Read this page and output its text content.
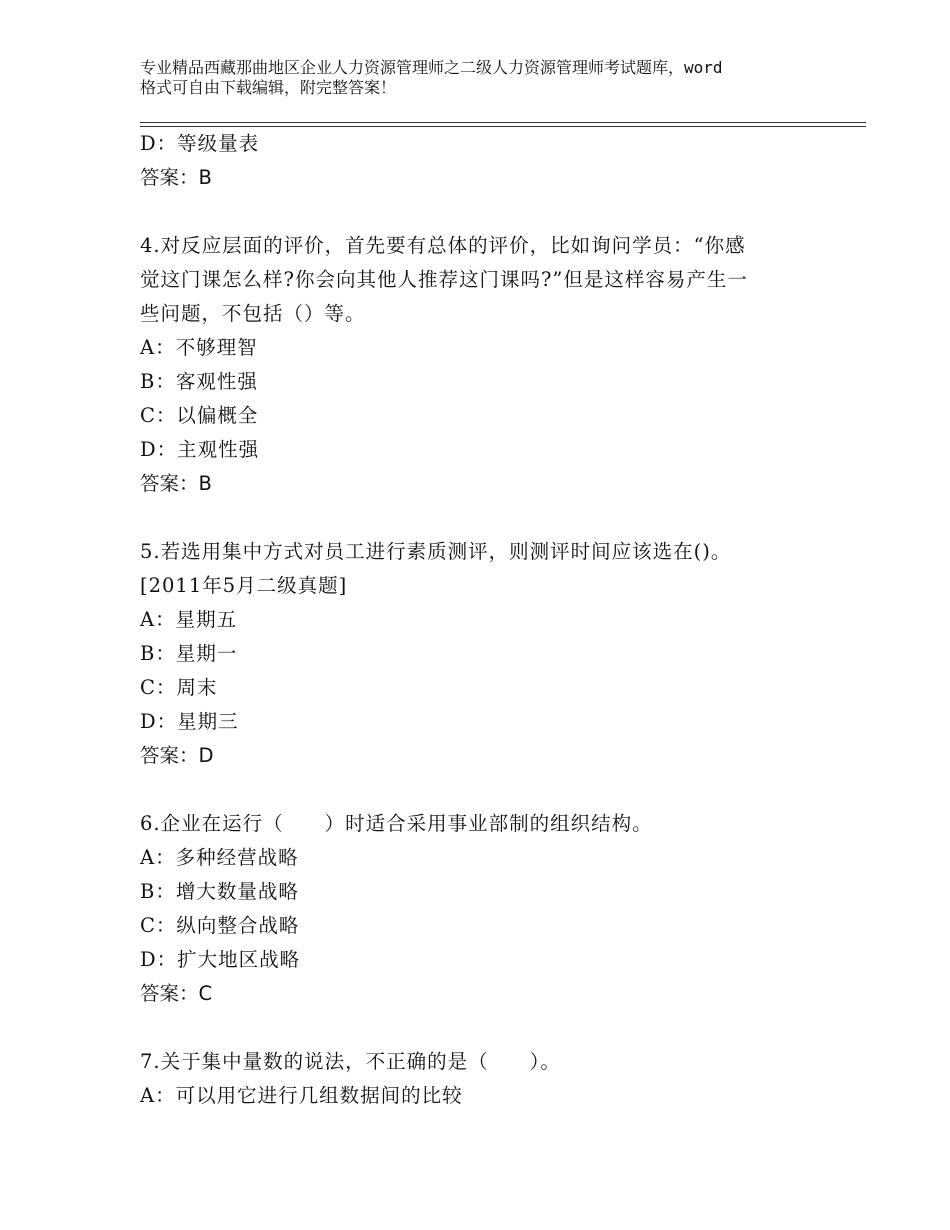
专业精品西藏那曲地区企业人力资源管理师之二级人力资源管理师考试题库，word
格式可自由下载编辑，附完整答案！
D：等级量表
答案：B
4.对反应层面的评价，首先要有总体的评价，比如询问学员：“你感
觉这门课怎么样?你会向其他人推荐这门课吗?”但是这样容易产生一
些问题，不包括（）等。
A：不够理智
B：客观性强
C：以偏概全
D：主观性强
答案：B
5.若选用集中方式对员工进行素质测评，则测评时间应该选在()。
[2011年5月二级真题]
A：星期五
B：星期一
C：周末
D：星期三
答案：D
6.企业在运行（　　）时适合采用事业部制的组织结构。
A：多种经营战略
B：增大数量战略
C：纵向整合战略
D：扩大地区战略
答案：C
7.关于集中量数的说法，不正确的是（　　）。
A：可以用它进行几组数据间的比较
